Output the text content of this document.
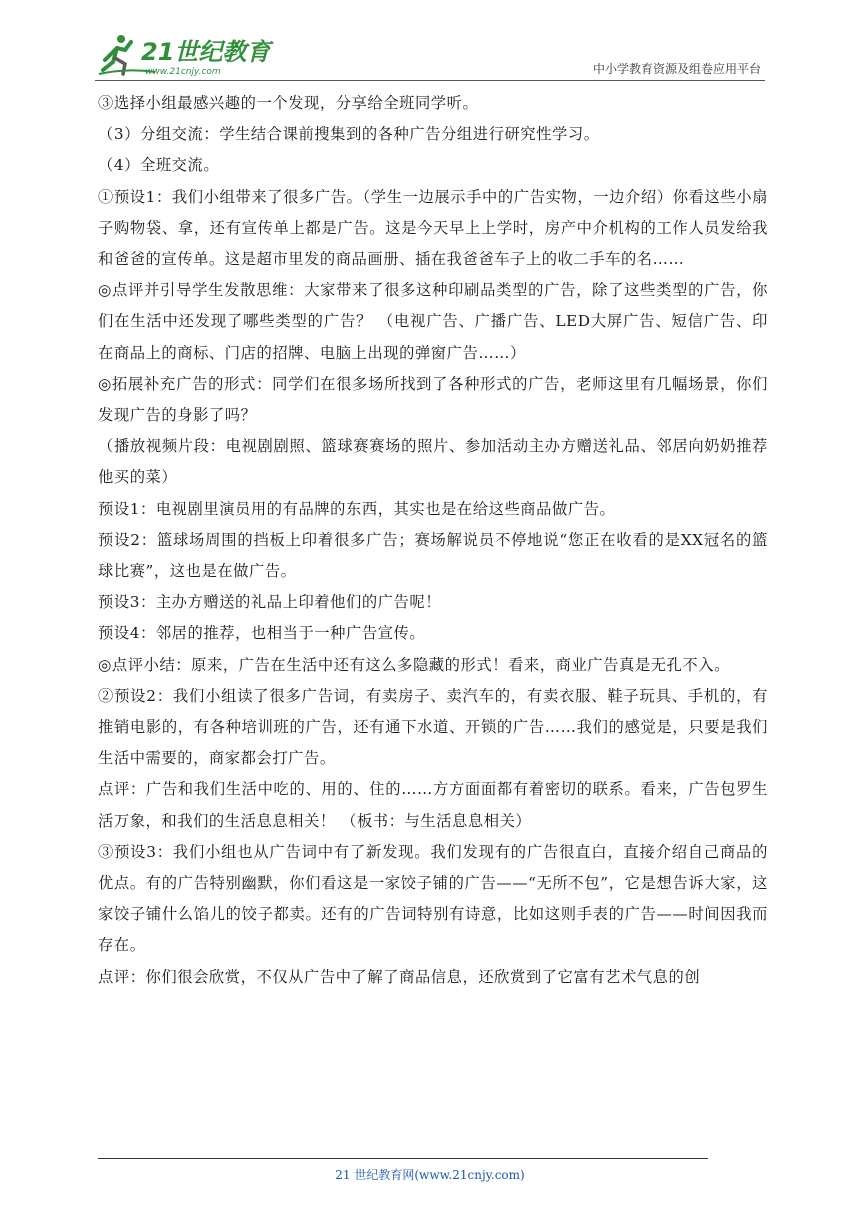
21世纪教育
www.21cnjy.com	中小学教育资源及组卷应用平台

③选择小组最感兴趣的一个发现，分享给全班同学听。

（3）分组交流：学生结合课前搜集到的各种广告分组进行研究性学习。

（4）全班交流。

①预设1：我们小组带来了很多广告。（学生一边展示手中的广告实物，一边介绍）你看这些小扇子购物袋、拿，还有宣传单上都是广告。这是今天早上上学时，房产中介机构的工作人员发给我和爸爸的宣传单。这是超市里发的商品画册、插在我爸爸车子上的收二手车的名……

◎点评并引导学生发散思维：大家带来了很多这种印刷品类型的广告，除了这些类型的广告，你们在生活中还发现了哪些类型的广告？ （电视广告、广播广告、LED大屏广告、短信广告、印在商品上的商标、门店的招牌、电脑上出现的弹窗广告……）

◎拓展补充广告的形式：同学们在很多场所找到了各种形式的广告，老师这里有几幅场景，你们发现广告的身影了吗？

（播放视频片段：电视剧剧照、篮球赛赛场的照片、参加活动主办方赠送礼品、邻居向奶奶推荐他买的菜）

预设1：电视剧里演员用的有品牌的东西，其实也是在给这些商品做广告。

预设2：篮球场周围的挡板上印着很多广告；赛场解说员不停地说“您正在收看的是XX冠名的篮球比赛”，这也是在做广告。

预设3：主办方赠送的礼品上印着他们的广告呢！

预设4：邻居的推荐，也相当于一种广告宣传。

◎点评小结：原来，广告在生活中还有这么多隐藏的形式！看来，商业广告真是无孔不入。

②预设2：我们小组读了很多广告词，有卖房子、卖汽车的，有卖衣服、鞋子玩具、手机的，有推销电影的，有各种培训班的广告，还有通下水道、开锁的广告……我们的感觉是，只要是我们生活中需要的，商家都会打广告。

点评：广告和我们生活中吃的、用的、住的……方方面面都有着密切的联系。看来，广告包罗生活万象，和我们的生活息息相关！ （板书：与生活息息相关）

③预设3：我们小组也从广告词中有了新发现。我们发现有的广告很直白，直接介绍自己商品的优点。有的广告特别幽默，你们看这是一家饺子铺的广告——“无所不包”，它是想告诉大家，这家饺子铺什么馅儿的饺子都卖。还有的广告词特别有诗意，比如这则手表的广告——时间因我而存在。

点评：你们很会欣赏，不仅从广告中了解了商品信息，还欣赏到了它富有艺术气息的创

21 世纪教育网(www.21cnjy.com)
